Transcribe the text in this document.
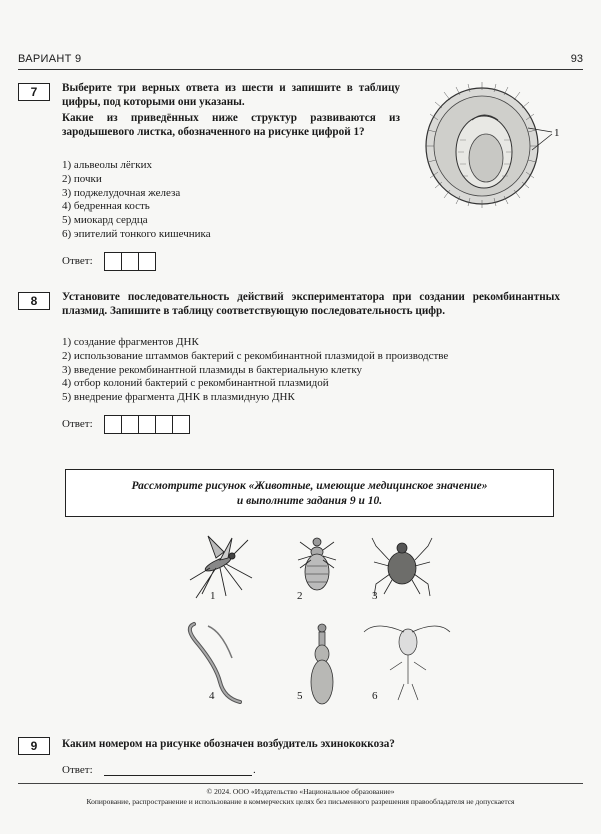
ВАРИАНТ 9	93
7	Выберите три верных ответа из шести и запишите в таблицу цифры, под которыми они указаны.
Какие из приведённых ниже структур развиваются из зародышевого листка, обозначенного на рисунке цифрой 1?
1) альвеолы лёгких
2) почки
3) поджелудочная железа
4) бедренная кость
5) миокард сердца
6) эпителий тонкого кишечника
Ответ:
1
8	Установите последовательность действий экспериментатора при создании рекомбинантных плазмид. Запишите в таблицу соответствующую последовательность цифр.
1) создание фрагментов ДНК
2) использование штаммов бактерий с рекомбинантной плазмидой в производстве
3) введение рекомбинантной плазмиды в бактериальную клетку
4) отбор колоний бактерий с рекомбинантной плазмидой
5) внедрение фрагмента ДНК в плазмидную ДНК
Ответ:
Рассмотрите рисунок «Животные, имеющие медицинское значение»
и выполните задания 9 и 10.
1	2	3
4	5	6
9	Каким номером на рисунке обозначен возбудитель эхинококкоза?
Ответ:	.
© 2024. ООО «Издательство «Национальное образование»
Копирование, распространение и использование в коммерческих целях без письменного разрешения правообладателя не допускается
